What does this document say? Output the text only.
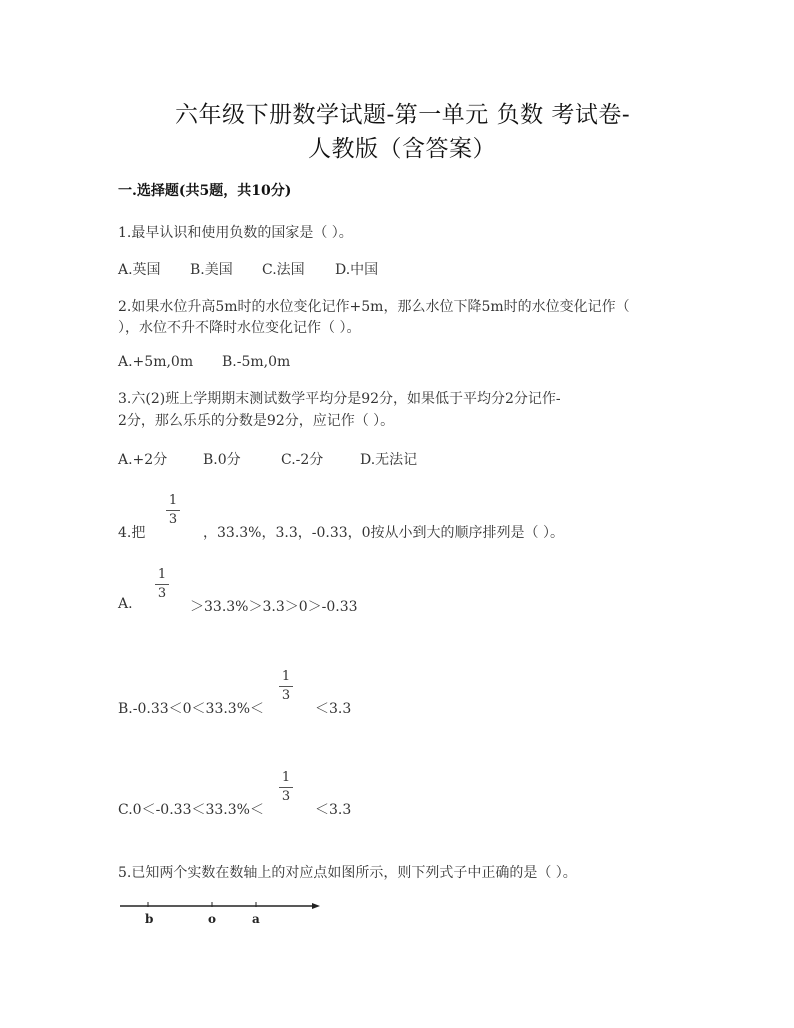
六年级下册数学试题-第一单元 负数 考试卷-
人教版（含答案）
一.选择题(共5题，共10分)
1.最早认识和使用负数的国家是（ ）。
A.英国 B.美国 C.法国 D.中国
2.如果水位升高5m时的水位变化记作+5m，那么水位下降5m时的水位变化记作（
），水位不升不降时水位变化记作（ ）。
A.+5m,0m B.-5m,0m
3.六(2)班上学期期末测试数学平均分是92分，如果低于平均分2分记作-
2分，那么乐乐的分数是92分，应记作（ ）。
A.+2分	B.0分	C.-2分	D.无法记
4.把
1
3
，33.3%，3.3，-0.33，0按从小到大的顺序排列是（ ）。
A.
1
3
＞33.3%＞3.3＞0＞-0.33
B.-0.33＜0＜33.3%＜
1
3
＜3.3
C.0＜-0.33＜33.3%＜
1
3
＜3.3
5.已知两个实数在数轴上的对应点如图所示，则下列式子中正确的是（ ）。
b	o	a
